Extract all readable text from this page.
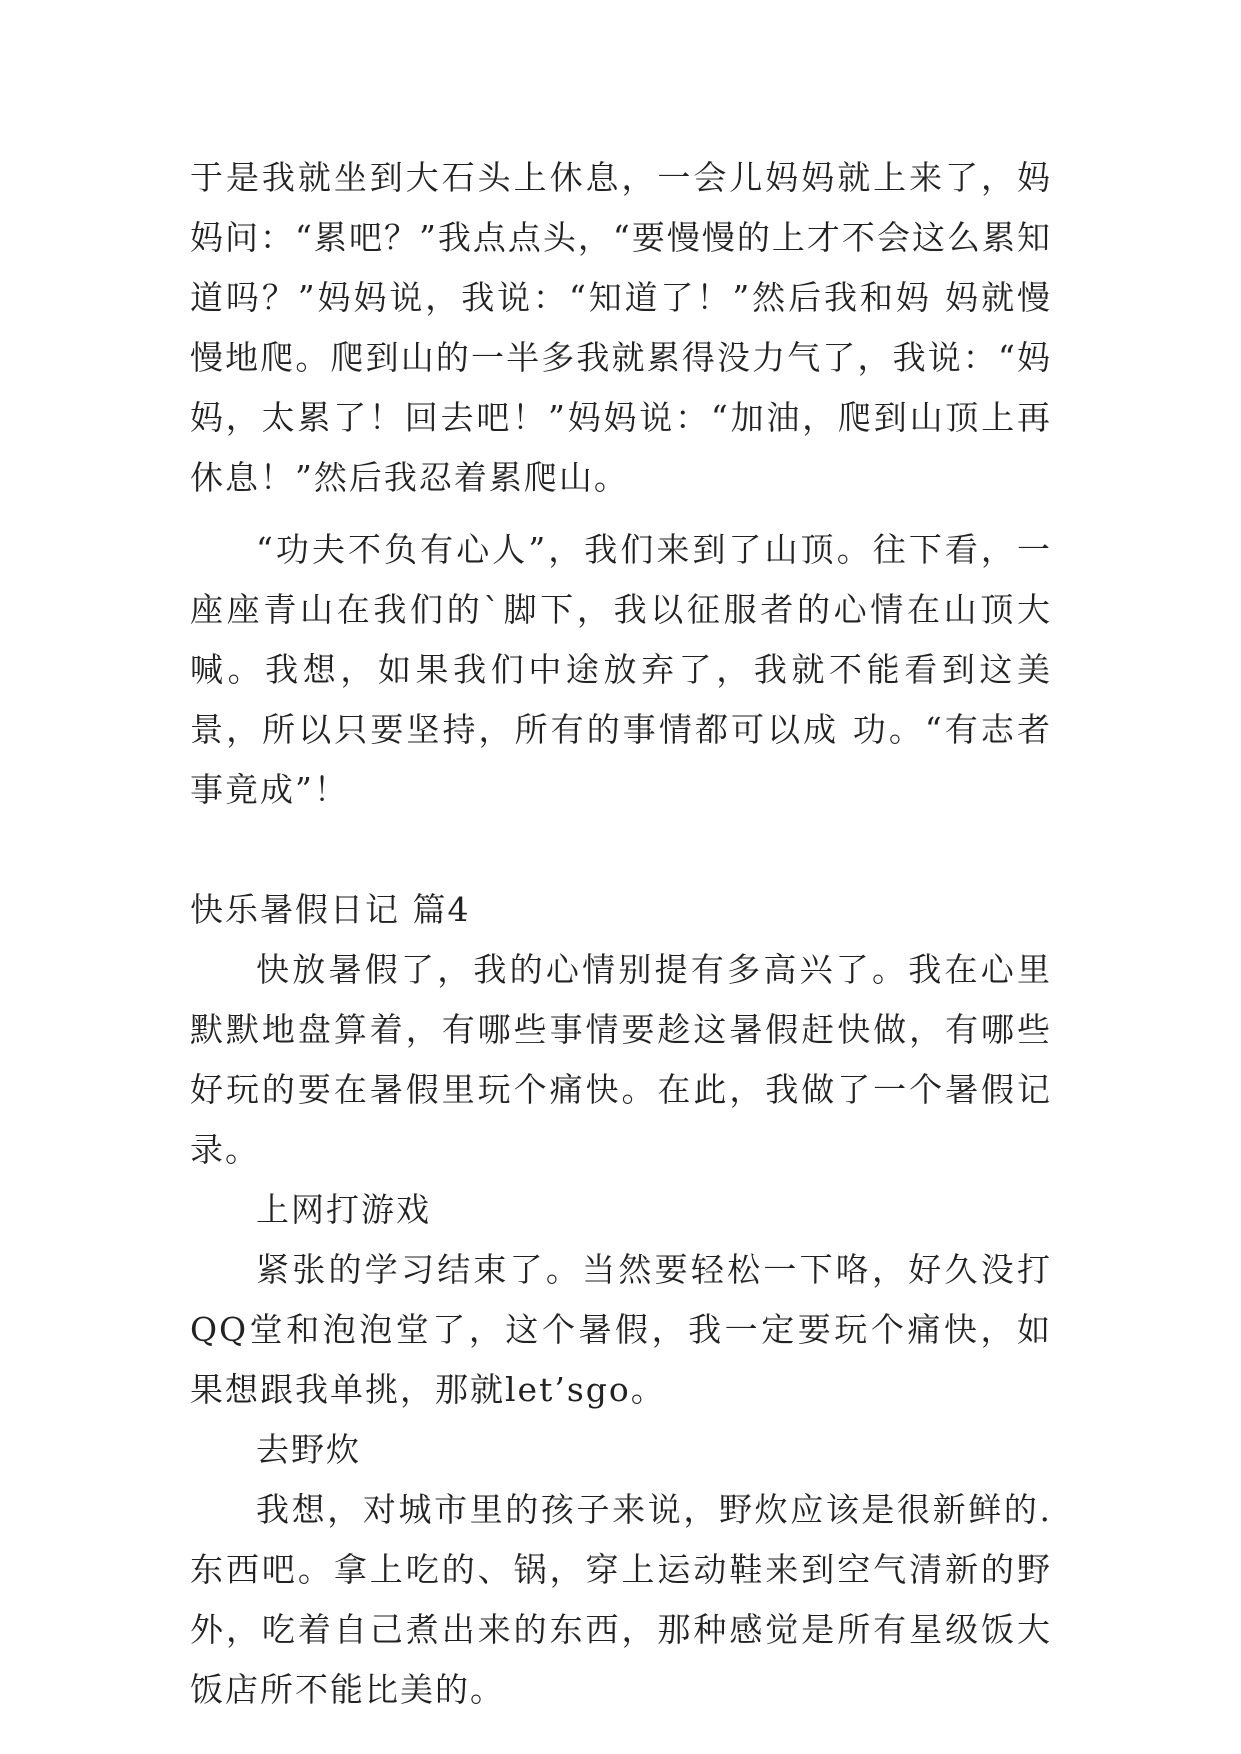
于是我就坐到大石头上休息，一会儿妈妈就上来了，妈妈问：“累吧？”我点点头，“要慢慢的上才不会这么累知道吗？”妈妈说，我说：“知道了！”然后我和妈 妈就慢慢地爬。爬到山的一半多我就累得没力气了，我说：“妈妈，太累了！回去吧！”妈妈说：“加油，爬到山顶上再休息！”然后我忍着累爬山。

“功夫不负有心人”，我们来到了山顶。往下看，一座座青山在我们的`脚下，我以征服者的心情在山顶大喊。我想，如果我们中途放弃了，我就不能看到这美景，所以只要坚持，所有的事情都可以成 功。“有志者事竟成”！

快乐暑假日记 篇4

快放暑假了，我的心情别提有多高兴了。我在心里默默地盘算着，有哪些事情要趁这暑假赶快做，有哪些好玩的要在暑假里玩个痛快。在此，我做了一个暑假记录。

上网打游戏

紧张的学习结束了。当然要轻松一下咯，好久没打QQ堂和泡泡堂了，这个暑假，我一定要玩个痛快，如果想跟我单挑，那就let’sgo。

去野炊

我想，对城市里的孩子来说，野炊应该是很新鲜的.东西吧。拿上吃的、锅，穿上运动鞋来到空气清新的野外，吃着自己煮出来的东西，那种感觉是所有星级饭大饭店所不能比美的。
